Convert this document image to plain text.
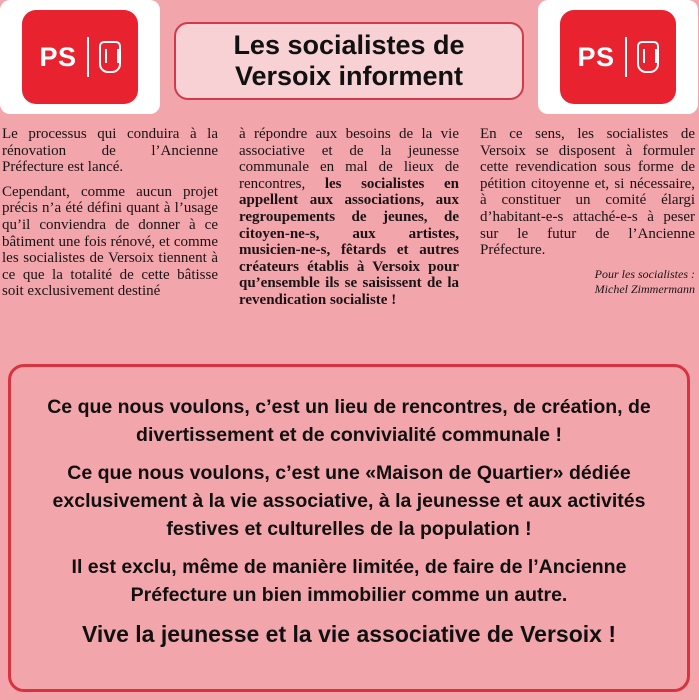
PS	Les socialistes de
Versoix informent
PS

Le processus qui conduira à la rénovation de l’Ancienne Préfecture est lancé.

Cependant, comme aucun projet précis n’a été défini quant à l’usage qu’il conviendra de donner à ce bâtiment une fois rénové, et comme les socialistes de Versoix tiennent à ce que la totalité de cette bâtisse soit exclusivement destiné

à répondre aux besoins de la vie associative et de la jeunesse communale en mal de lieux de rencontres, les socialistes en appellent aux associations, aux regroupements de jeunes, de citoyen-ne-s, aux artistes, musicien-ne-s, fêtards et autres créateurs établis à Versoix pour qu’ensemble ils se saisissent de la revendication socialiste !

En ce sens, les socialistes de Versoix se disposent à formuler cette revendication sous forme de pétition citoyenne et, si nécessaire, à constituer un comité élargi d’habitant-e-s attaché-e-s à peser sur le futur de l’Ancienne Préfecture.

Pour les socialistes :
Michel Zimmermann

Ce que nous voulons, c’est un lieu de rencontres, de création, de divertissement et de convivialité communale !

Ce que nous voulons, c’est une «Maison de Quartier» dédiée exclusivement à la vie associative, à la jeunesse et aux activités festives et culturelles de la population !

Il est exclu, même de manière limitée, de faire de l’Ancienne Préfecture un bien immobilier comme un autre.

Vive la jeunesse et la vie associative de Versoix !
